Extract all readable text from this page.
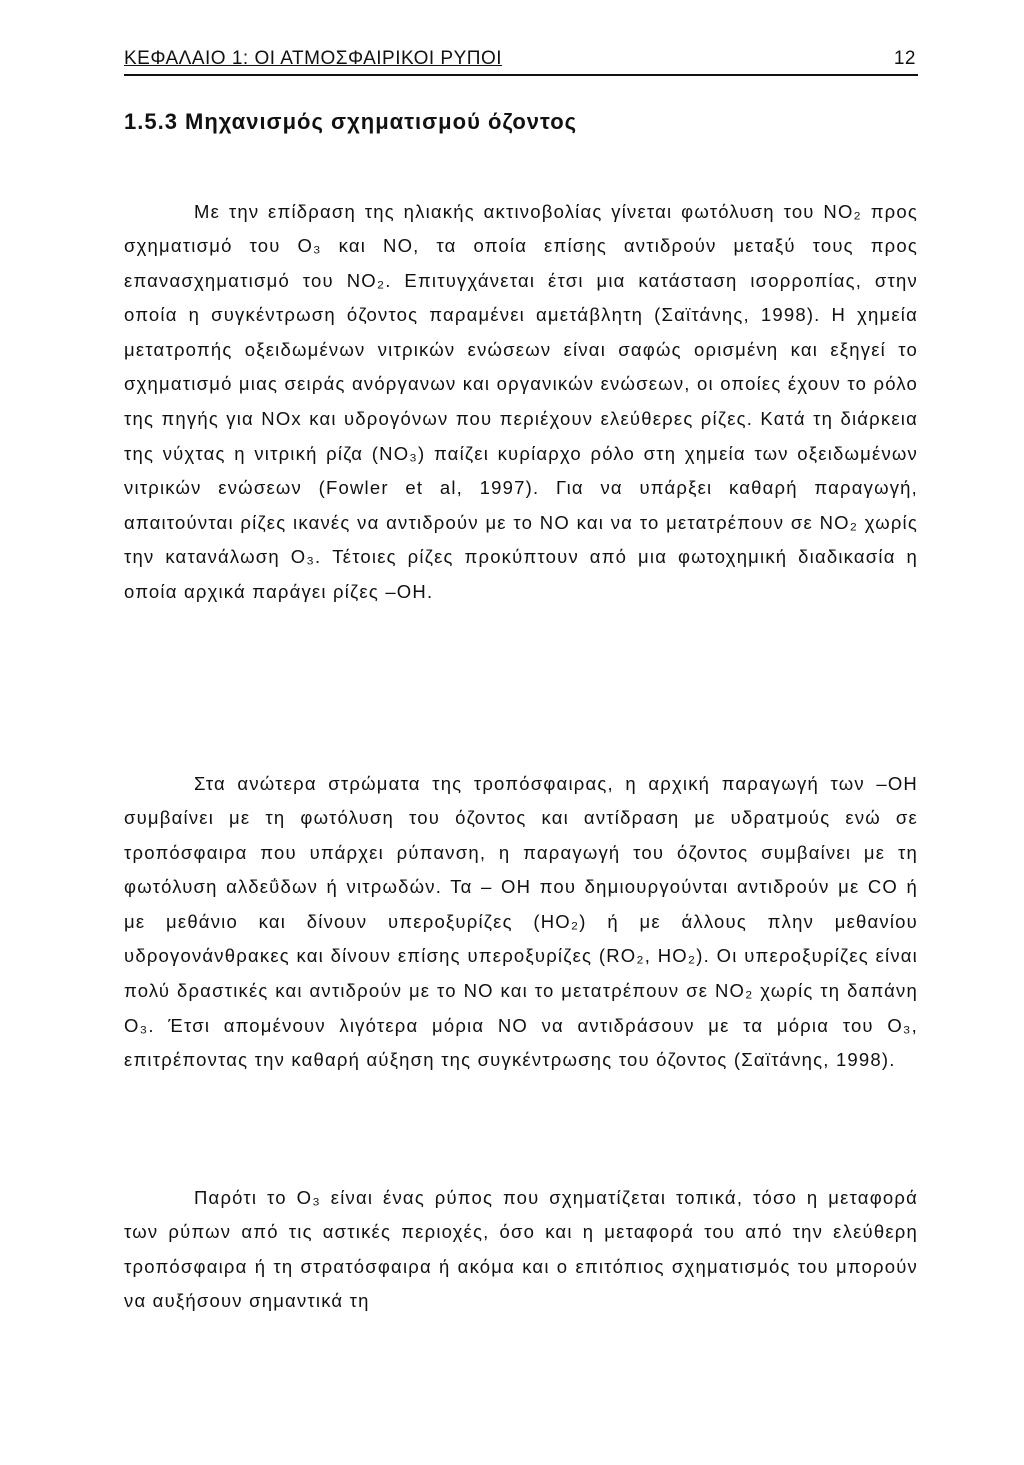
ΚΕΦΑΛΑΙΟ 1: ΟΙ ΑΤΜΟΣΦΑΙΡΙΚΟΙ ΡΥΠΟΙ	12
1.5.3 Μηχανισμός σχηματισμού όζοντος

Με την επίδραση της ηλιακής ακτινοβολίας γίνεται φωτόλυση του NO₂ προς σχηματισμό του O₃ και NO, τα οποία επίσης αντιδρούν μεταξύ τους προς επανασχηματισμό του NO₂. Επιτυγχάνεται έτσι μια κατάσταση ισορροπίας, στην οποία η συγκέντρωση όζοντος παραμένει αμετάβλητη (Σαϊτάνης, 1998). Η χημεία μετατροπής οξειδωμένων νιτρικών ενώσεων είναι σαφώς ορισμένη και εξηγεί το σχηματισμό μιας σειράς ανόργανων και οργανικών ενώσεων, οι οποίες έχουν το ρόλο της πηγής για NOx και υδρογόνων που περιέχουν ελεύθερες ρίζες. Κατά τη διάρκεια της νύχτας η νιτρική ρίζα (NO₃) παίζει κυρίαρχο ρόλο στη χημεία των οξειδωμένων νιτρικών ενώσεων (Fowler et al, 1997). Για να υπάρξει καθαρή παραγωγή, απαιτούνται ρίζες ικανές να αντιδρούν με το NO και να το μετατρέπουν σε NO₂ χωρίς την κατανάλωση O₃. Τέτοιες ρίζες προκύπτουν από μια φωτοχημική διαδικασία η οποία αρχικά παράγει ρίζες –OH.

Στα ανώτερα στρώματα της τροπόσφαιρας, η αρχική παραγωγή των –OH συμβαίνει με τη φωτόλυση του όζοντος και αντίδραση με υδρατμούς ενώ σε τροπόσφαιρα που υπάρχει ρύπανση, η παραγωγή του όζοντος συμβαίνει με τη φωτόλυση αλδεΰδων ή νιτρωδών. Τα – OH που δημιουργούνται αντιδρούν με CO ή με μεθάνιο και δίνουν υπεροξυρίζες (HO₂) ή με άλλους πλην μεθανίου υδρογονάνθρακες και δίνουν επίσης υπεροξυρίζες (RO₂, HO₂). Οι υπεροξυρίζες είναι πολύ δραστικές και αντιδρούν με το NO και το μετατρέπουν σε NO₂ χωρίς τη δαπάνη O₃. Έτσι απομένουν λιγότερα μόρια NO να αντιδράσουν με τα μόρια του O₃, επιτρέποντας την καθαρή αύξηση της συγκέντρωσης του όζοντος (Σαϊτάνης, 1998).

Παρότι το O₃ είναι ένας ρύπος που σχηματίζεται τοπικά, τόσο η μεταφορά των ρύπων από τις αστικές περιοχές, όσο και η μεταφορά του από την ελεύθερη τροπόσφαιρα ή τη στρατόσφαιρα ή ακόμα και ο επιτόπιος σχηματισμός του μπορούν να αυξήσουν σημαντικά τη
